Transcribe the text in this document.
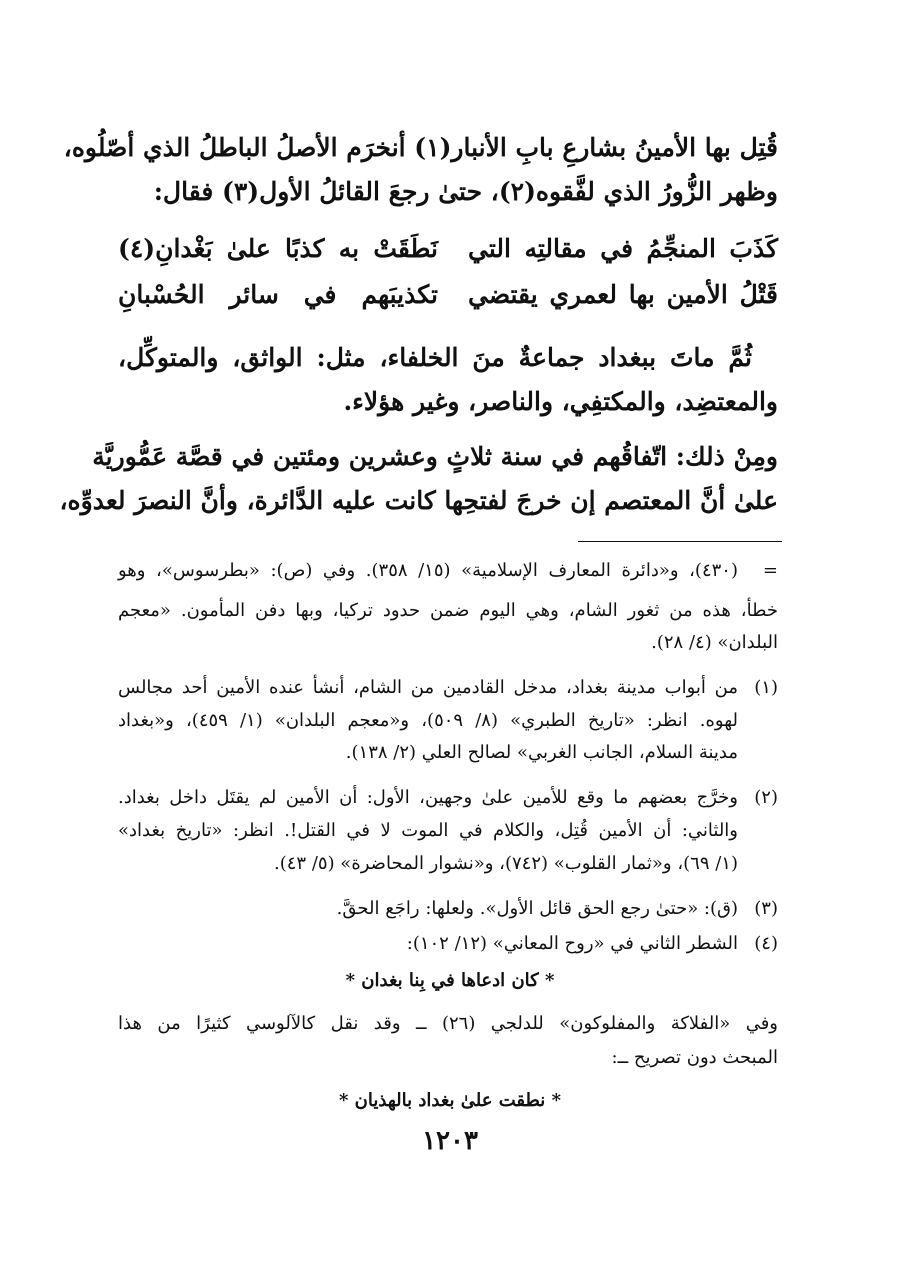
قُتِل بها الأمينُ بشارعِ بابِ الأنبار(١) أنخرَم الأصلُ الباطلُ الذي أصّلُوه،
وظهر الزُّورُ الذي لفَّقوه(٢)، حتىٰ رجعَ القائلُ الأول(٣) فقال:
كَذَبَ المنجِّمُ في مقالتِه التي
نَطَقَتْ به كذبًا علىٰ بَغْدانِ(٤)
قَتْلُ الأمين بها لعمري يقتضي
تكذيبَهم في سائر الحُسْبانِ
ثُمَّ ماتَ ببغداد جماعةٌ منَ الخلفاء، مثل: الواثق، والمتوكِّل،
والمعتضِد، والمكتفِي، والناصر، وغير هؤلاء.
ومِنْ ذلك: اتّفاقُهم في سنة ثلاثٍ وعشرين ومئتين في قصَّة عَمُّوريَّة
علىٰ أنَّ المعتصم إن خرجَ لفتحِها كانت عليه الدَّائرة، وأنَّ النصرَ لعدوِّه،
=
(٤٣٠)، و«دائرة المعارف الإسلامية» (١٥/ ٣٥٨). وفي (ص): «بطرسوس»، وهو
خطأ، هذه من ثغور الشام، وهي اليوم ضمن حدود تركيا، وبها دفن المأمون. «معجم
البلدان» (٤/ ٢٨).
(١)
من أبواب مدينة بغداد، مدخل القادمين من الشام، أنشأ عنده الأمين أحد مجالس
لهوه. انظر: «تاريخ الطبري» (٨/ ٥٠٩)، و«معجم البلدان» (١/ ٤٥٩)، و«بغداد
مدينة السلام، الجانب الغربي» لصالح العلي (٢/ ١٣٨).
(٢)
وخرَّج بعضهم ما وقع للأمين علىٰ وجهين، الأول: أن الأمين لم يقتَل داخل بغداد.
والثاني: أن الأمين قُتِل، والكلام في الموت لا في القتل!. انظر: «تاريخ بغداد»
(١/ ٦٩)، و«ثمار القلوب» (٧٤٢)، و«نشوار المحاضرة» (٥/ ٤٣).
(٣)
(ق): «حتىٰ رجع الحق قائل الأول». ولعلها: راجَع الحقَّ.
(٤)
الشطر الثاني في «روح المعاني» (١٢/ ١٠٢):
* كان ادعاها في بِنا بغدان *
وفي «الفلاكة والمفلوكون» للدلجي (٢٦) ــ وقد نقل كالآلوسي كثيرًا من هذا
المبحث دون تصريح ــ:
* نطقت علىٰ بغداد بالهذيان *
١٢٠٣
